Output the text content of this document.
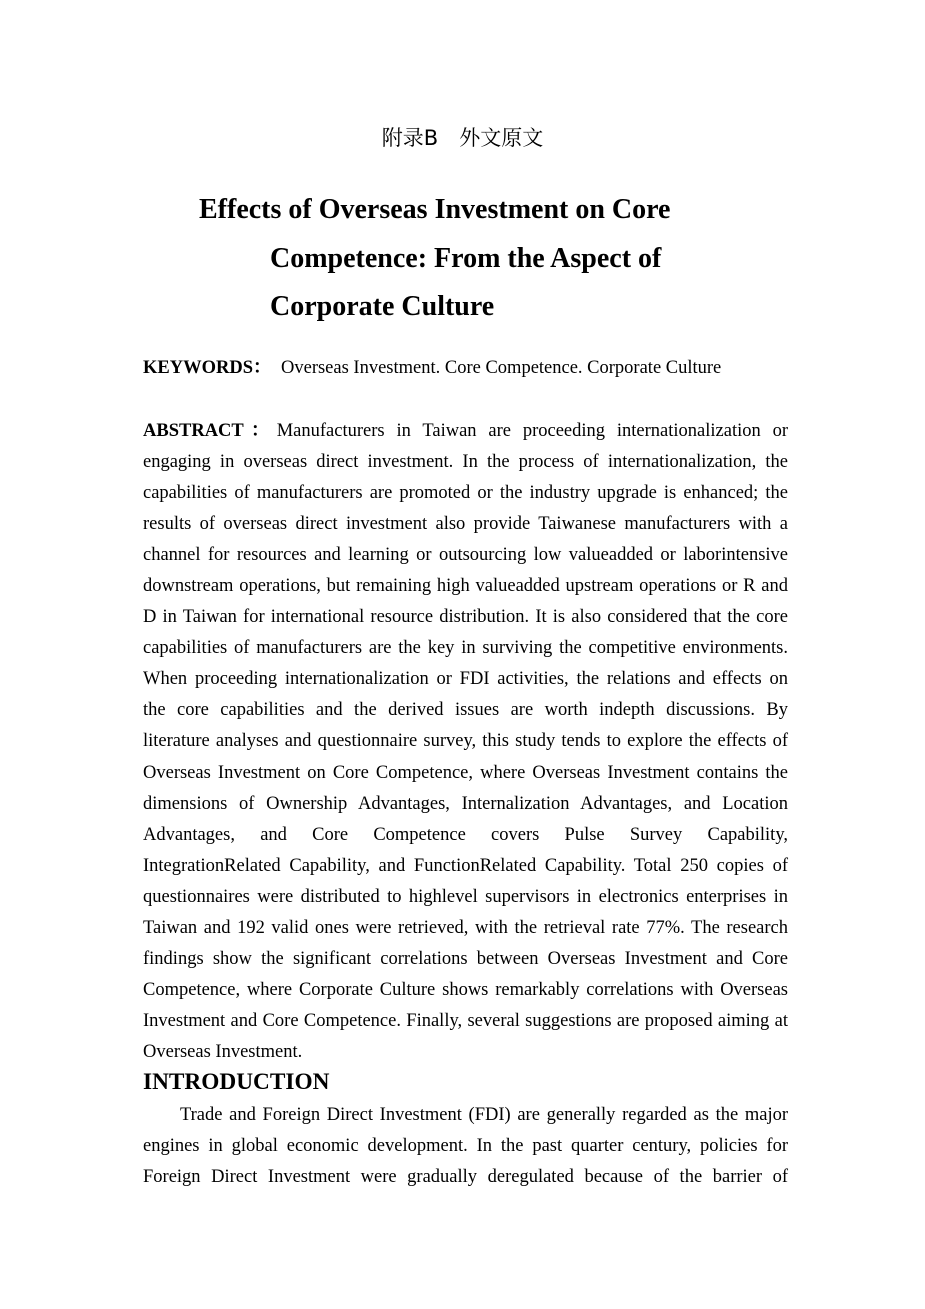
附录B　外文原文
Effects of Overseas Investment on Core
Competence: From the Aspect of
Corporate Culture
KEYWORDS： Overseas Investment. Core Competence. Corporate Culture
ABSTRACT：Manufacturers in Taiwan are proceeding internationalization or
engaging in overseas direct investment. In the process of internationalization, the
capabilities of manufacturers are promoted or the industry upgrade is enhanced; the
results of overseas direct investment also provide Taiwanese manufacturers with a
channel for resources and learning or outsourcing low valueadded or laborintensive
downstream operations, but remaining high valueadded upstream operations or R and
D in Taiwan for international resource distribution. It is also considered that the core
capabilities of manufacturers are the key in surviving the competitive environments.
When proceeding internationalization or FDI activities, the relations and effects on
the core capabilities and the derived issues are worth indepth discussions. By
literature analyses and questionnaire survey, this study tends to explore the effects of
Overseas Investment on Core Competence, where Overseas Investment contains the
dimensions of Ownership Advantages, Internalization Advantages, and Location
Advantages, and Core Competence covers Pulse Survey Capability,
IntegrationRelated Capability, and FunctionRelated Capability. Total 250 copies of
questionnaires were distributed to highlevel supervisors in electronics enterprises in
Taiwan and 192 valid ones were retrieved, with the retrieval rate 77%. The research
findings show the significant correlations between Overseas Investment and Core
Competence, where Corporate Culture shows remarkably correlations with Overseas
Investment and Core Competence. Finally, several suggestions are proposed aiming at
Overseas Investment.
INTRODUCTION
Trade and Foreign Direct Investment (FDI) are generally regarded as the major
engines in global economic development. In the past quarter century, policies for
Foreign Direct Investment were gradually deregulated because of the barrier of
